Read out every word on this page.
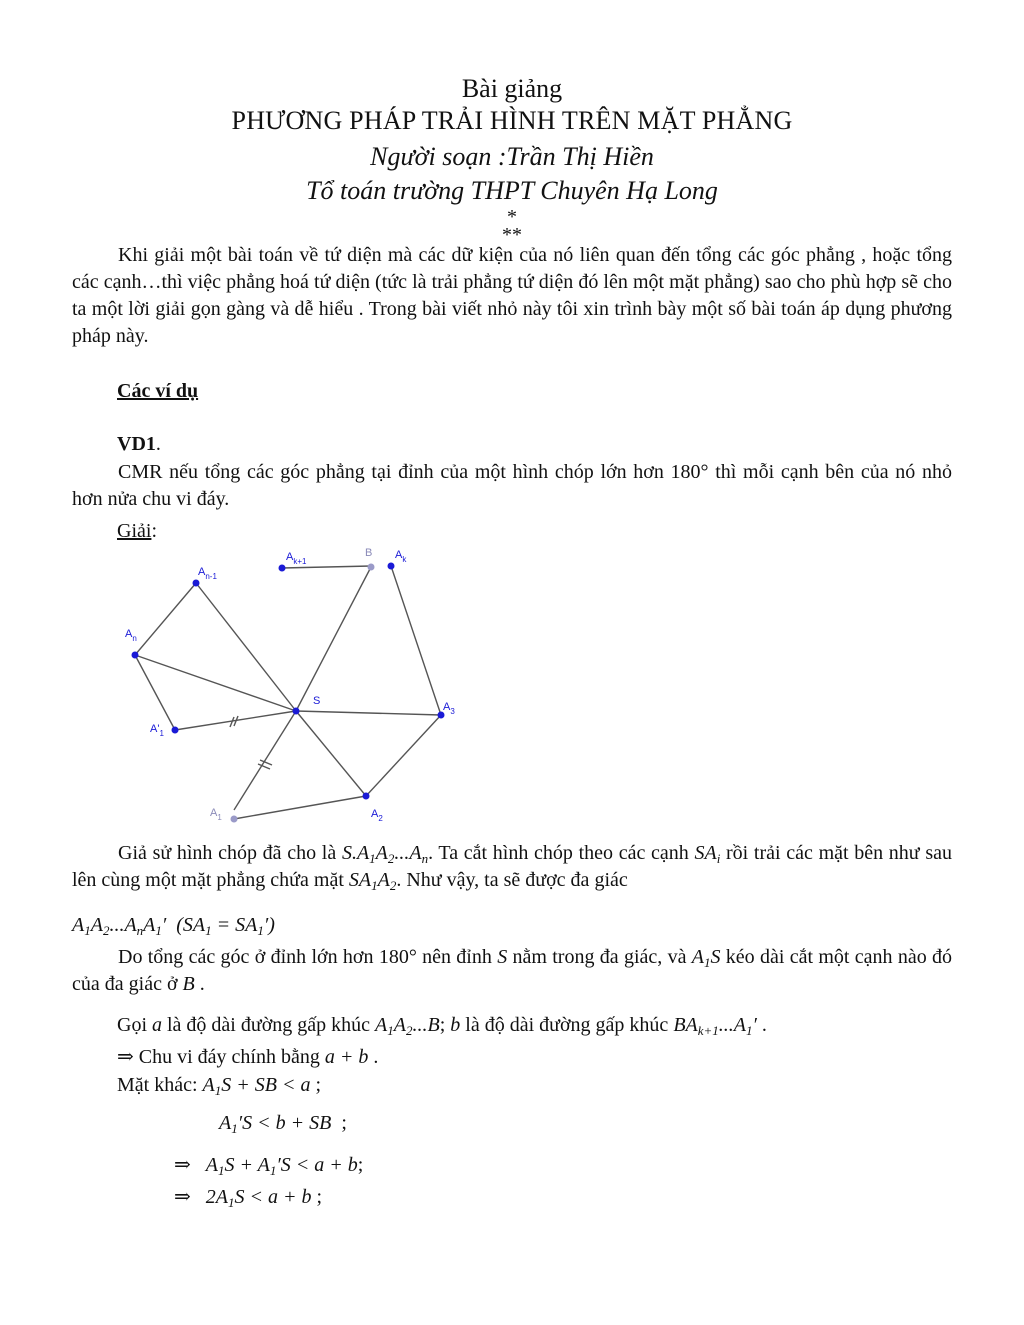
Bài giảng
PHƯƠNG PHÁP TRẢI HÌNH TRÊN MẶT PHẲNG
Người soạn :Trần Thị Hiền
Tổ toán trường THPT Chuyên Hạ Long
*
**
Khi giải một bài toán về tứ diện mà các dữ kiện của nó liên quan đến tổng các góc phẳng , hoặc tổng các cạnh…thì việc phẳng hoá tứ diện (tức là trải phẳng tứ diện đó lên một mặt phẳng) sao cho phù hợp sẽ cho ta một lời giải gọn gàng và dễ hiểu . Trong bài viết nhỏ này tôi xin trình bày một số bài toán áp dụng phương pháp này.
Các ví dụ
VD1.
CMR nếu tổng các góc phẳng tại đỉnh của một hình chóp lớn hơn 180° thì mỗi cạnh bên của nó nhỏ hơn nửa chu vi đáy.
Giải:
S
B
$A_1$	$A_2$
$A_3$
$A_k$
$A_{k+1}$
$A_{n-1}$
$A_n$
$A'_1$
Giả sử hình chóp đã cho là $S.A_1A_2...A_n$. Ta cắt hình chóp theo các cạnh $SA_i$ rồi trải các mặt bên như sau lên cùng một mặt phẳng chứa mặt $SA_1A_2$. Như vậy, ta sẽ được đa giác
$A_1A_2...A_nA_1'$  $(SA_1 = SA_1')$
Do tổng các góc ở đỉnh lớn hơn 180° nên đỉnh S nằm trong đa giác, và $A_1S$ kéo dài cắt một cạnh nào đó của đa giác ở B .
Gọi a là độ dài đường gấp khúc $A_1A_2...B$; b là độ dài đường gấp khúc $BA_{k+1}...A_1'$ .
⇒ Chu vi đáy chính bằng a + b .
Mặt khác: $A_1S$ + SB < a ;
$A_1'S < b$ + SB  ;
⇒   $A_1S + A_1'S < a + b$;
⇒   $2A_1S < a + b$ ;
